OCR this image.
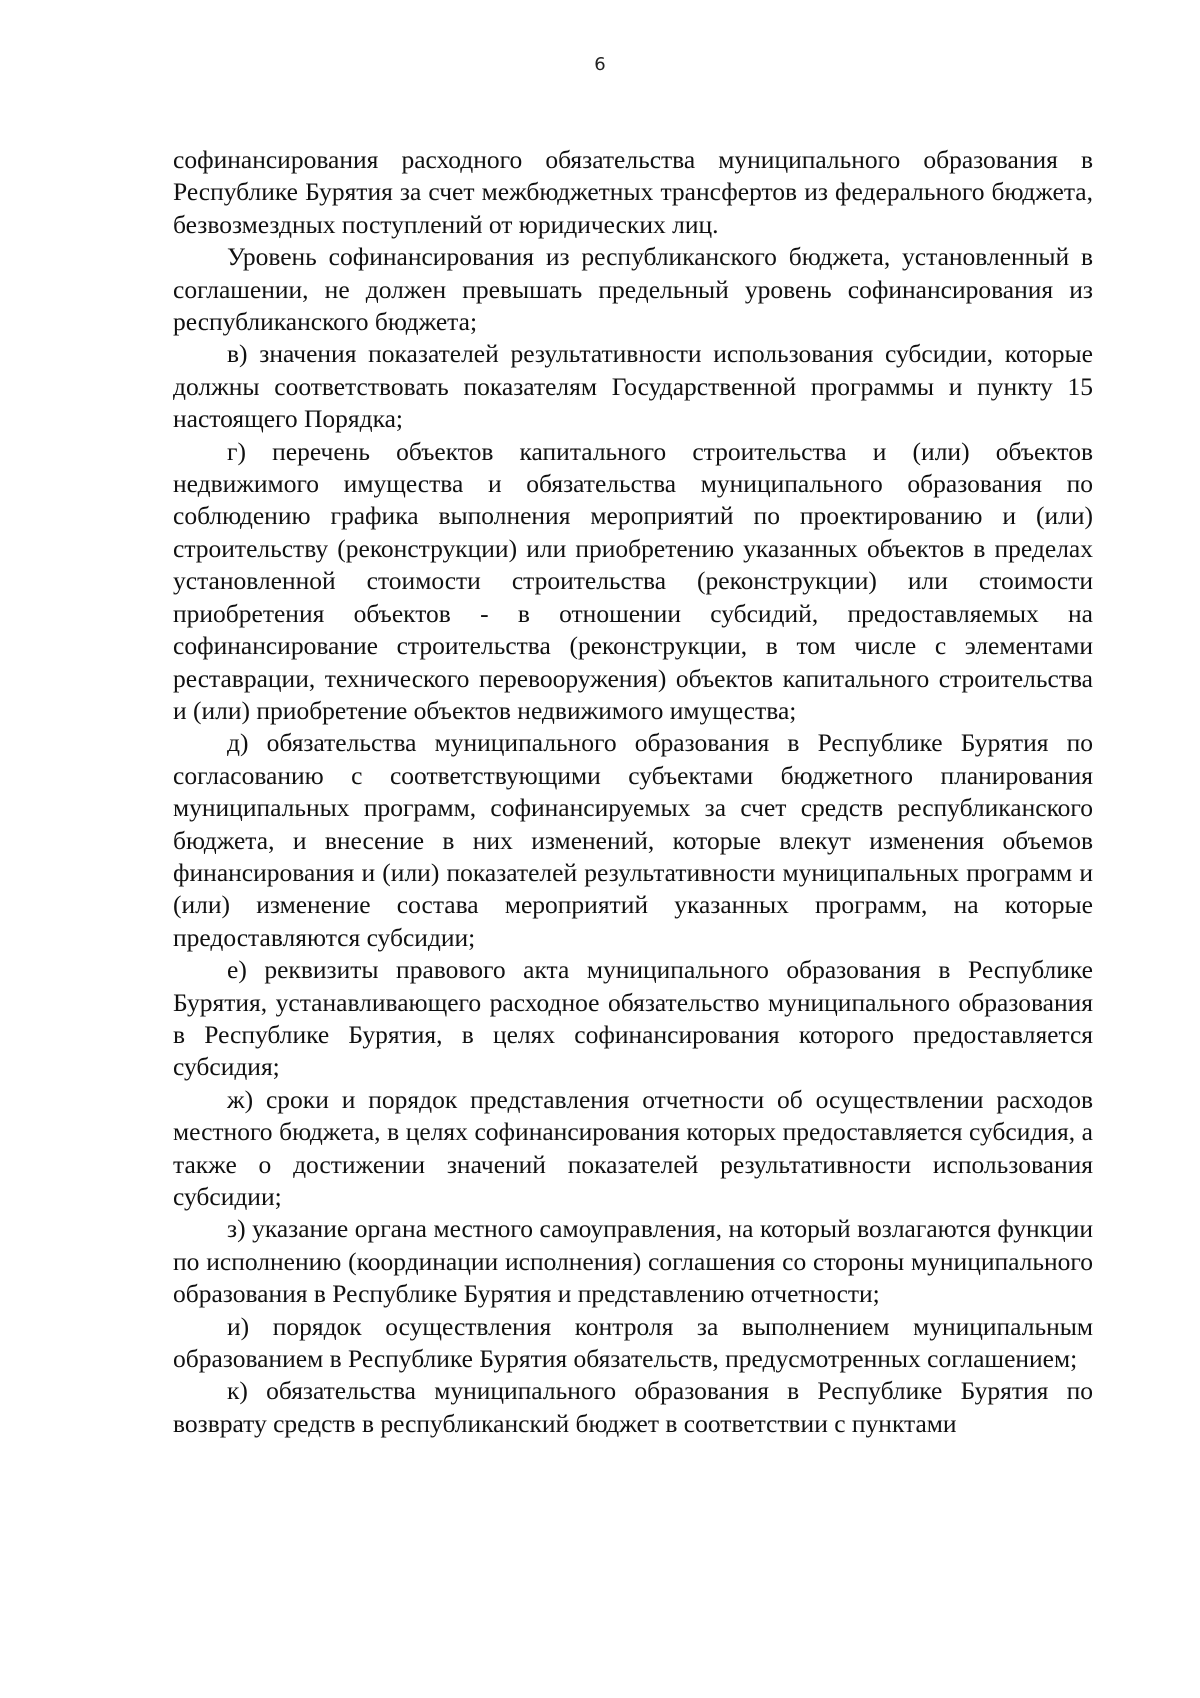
6

софинансирования расходного обязательства муниципального образования в Республике Бурятия за счет межбюджетных трансфертов из федерального бюджета, безвозмездных поступлений от юридических лиц.

Уровень софинансирования из республиканского бюджета, установленный в соглашении, не должен превышать предельный уровень софинансирования из республиканского бюджета;

в) значения показателей результативности использования субсидии, которые должны соответствовать показателям Государственной программы и пункту 15 настоящего Порядка;

г) перечень объектов капитального строительства и (или) объектов недвижимого имущества и обязательства муниципального образования по соблюдению графика выполнения мероприятий по проектированию и (или) строительству (реконструкции) или приобретению указанных объектов в пределах установленной стоимости строительства (реконструкции) или стоимости приобретения объектов - в отношении субсидий, предоставляемых на софинансирование строительства (реконструкции, в том числе с элементами реставрации, технического перевооружения) объектов капитального строительства и (или) приобретение объектов недвижимого имущества;

д) обязательства муниципального образования в Республике Бурятия по согласованию с соответствующими субъектами бюджетного планирования муниципальных программ, софинансируемых за счет средств республиканского бюджета, и внесение в них изменений, которые влекут изменения объемов финансирования и (или) показателей результативности муниципальных программ и (или) изменение состава мероприятий указанных программ, на которые предоставляются субсидии;

е) реквизиты правового акта муниципального образования в Республике Бурятия, устанавливающего расходное обязательство муниципального образования в Республике Бурятия, в целях софинансирования которого предоставляется субсидия;

ж) сроки и порядок представления отчетности об осуществлении расходов местного бюджета, в целях софинансирования которых предоставляется субсидия, а также о достижении значений показателей результативности использования субсидии;

з) указание органа местного самоуправления, на который возлагаются функции по исполнению (координации исполнения) соглашения со стороны муниципального образования в Республике Бурятия и представлению отчетности;

и) порядок осуществления контроля за выполнением муниципальным образованием в Республике Бурятия обязательств, предусмотренных соглашением;

к) обязательства муниципального образования в Республике Бурятия по возврату средств в республиканский бюджет в соответствии с пунктами
